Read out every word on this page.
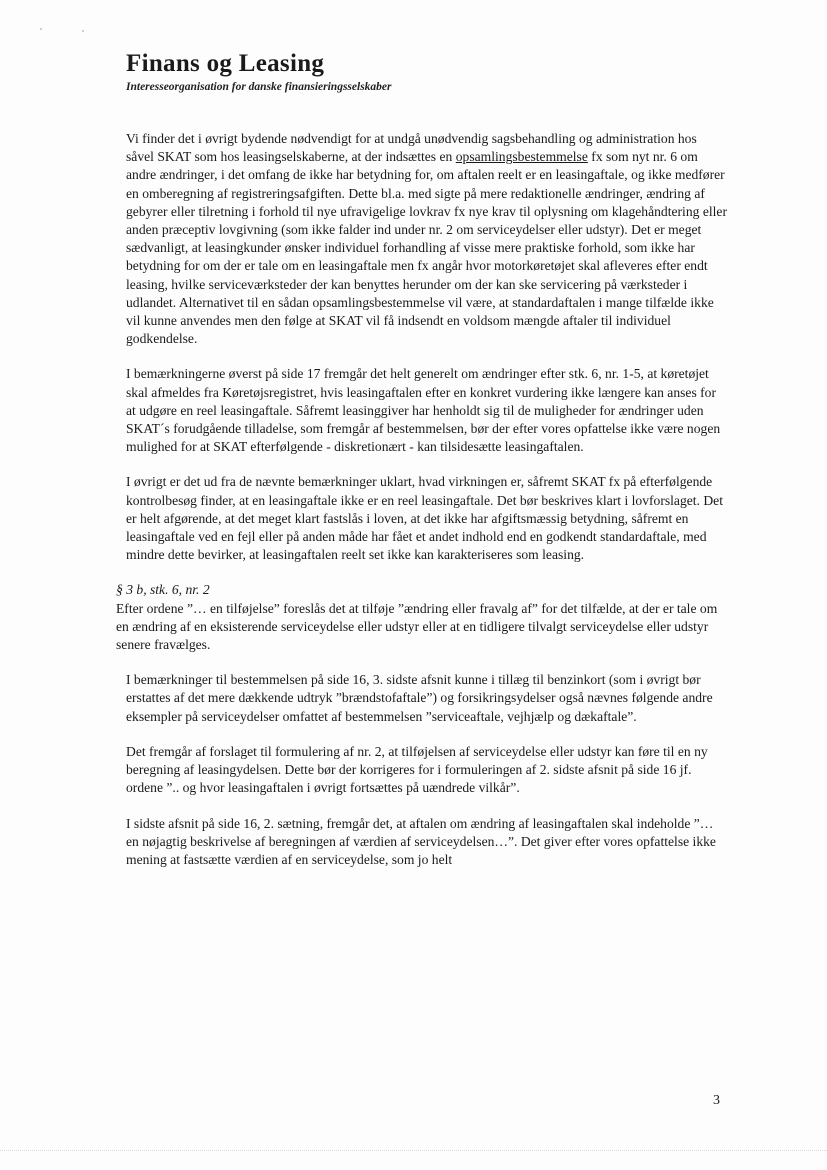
Finans og Leasing
Interesseorganisation for danske finansieringsselskaber

Vi finder det i øvrigt bydende nødvendigt for at undgå unødvendig sagsbehandling og administration hos såvel SKAT som hos leasingselskaberne, at der indsættes en opsamlingsbestemmelse fx som nyt nr. 6 om andre ændringer, i det omfang de ikke har betydning for, om aftalen reelt er en leasingaftale, og ikke medfører en omberegning af registreringsafgiften. Dette bl.a. med sigte på mere redaktionelle ændringer, ændring af gebyrer eller tilretning i forhold til nye ufravigelige lovkrav fx nye krav til oplysning om klagehåndtering eller anden præceptiv lovgivning (som ikke falder ind under nr. 2 om serviceydelser eller udstyr). Det er meget sædvanligt, at leasingkunder ønsker individuel forhandling af visse mere praktiske forhold, som ikke har betydning for om der er tale om en leasingaftale men fx angår hvor motorkøretøjet skal afleveres efter endt leasing, hvilke serviceværksteder der kan benyttes herunder om der kan ske servicering på værksteder i udlandet. Alternativet til en sådan opsamlingsbestemmelse vil være, at standardaftalen i mange tilfælde ikke vil kunne anvendes men den følge at SKAT vil få indsendt en voldsom mængde aftaler til individuel godkendelse.

I bemærkningerne øverst på side 17 fremgår det helt generelt om ændringer efter stk. 6, nr. 1-5, at køretøjet skal afmeldes fra Køretøjsregistret, hvis leasingaftalen efter en konkret vurdering ikke længere kan anses for at udgøre en reel leasingaftale. Såfremt leasinggiver har henholdt sig til de muligheder for ændringer uden SKAT´s forudgående tilladelse, som fremgår af bestemmelsen, bør der efter vores opfattelse ikke være nogen mulighed for at SKAT efterfølgende - diskretionært - kan tilsidesætte leasingaftalen.

I øvrigt er det ud fra de nævnte bemærkninger uklart, hvad virkningen er, såfremt SKAT fx på efterfølgende kontrolbesøg finder, at en leasingaftale ikke er en reel leasingaftale. Det bør beskrives klart i lovforslaget. Det er helt afgørende, at det meget klart fastslås i loven, at det ikke har afgiftsmæssig betydning, såfremt en leasingaftale ved en fejl eller på anden måde har fået et andet indhold end en godkendt standardaftale, med mindre dette bevirker, at leasingaftalen reelt set ikke kan karakteriseres som leasing.

§ 3 b, stk. 6, nr. 2
Efter ordene ”… en tilføjelse” foreslås det at tilføje ”ændring eller fravalg af” for det tilfælde, at der er tale om en ændring af en eksisterende serviceydelse eller udstyr eller at en tidligere tilvalgt serviceydelse eller udstyr senere fravælges.

I bemærkninger til bestemmelsen på side 16, 3. sidste afsnit kunne i tillæg til benzinkort (som i øvrigt bør erstattes af det mere dækkende udtryk ”brændstofaftale”) og forsikringsydelser også nævnes følgende andre eksempler på serviceydelser omfattet af bestemmelsen ”serviceaftale, vejhjælp og dækaftale”.

Det fremgår af forslaget til formulering af nr. 2, at tilføjelsen af serviceydelse eller udstyr kan føre til en ny beregning af leasingydelsen. Dette bør der korrigeres for i formuleringen af 2. sidste afsnit på side 16 jf. ordene ”.. og hvor leasingaftalen i øvrigt fortsættes på uændrede vilkår”.

I sidste afsnit på side 16, 2. sætning, fremgår det, at aftalen om ændring af leasingaftalen skal indeholde ”… en nøjagtig beskrivelse af beregningen af værdien af serviceydelsen…”. Det giver efter vores opfattelse ikke mening at fastsætte værdien af en serviceydelse, som jo helt

3
